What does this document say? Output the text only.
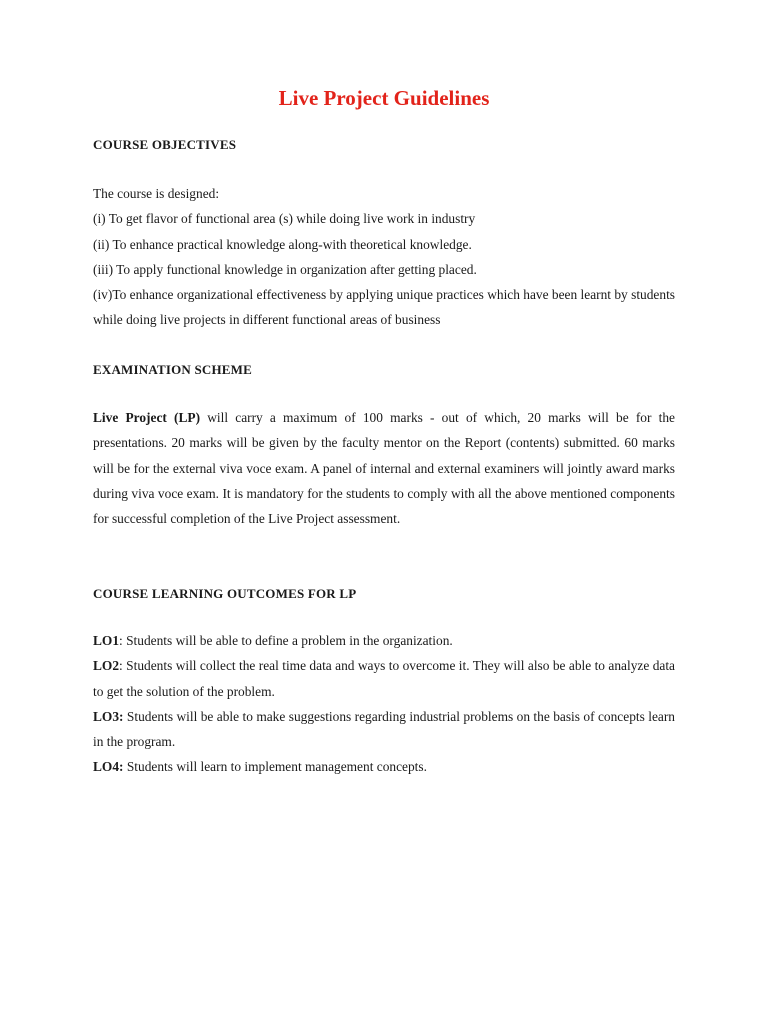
Live Project Guidelines
COURSE OBJECTIVES
The course is designed:
(i) To get flavor of functional area (s) while doing live work in industry
(ii) To enhance practical knowledge along-with theoretical knowledge.
(iii) To apply functional knowledge in organization after getting placed.
(iv)To enhance organizational effectiveness by applying unique practices which have been learnt by students while doing live projects in different functional areas of business
EXAMINATION SCHEME

Live Project (LP) will carry a maximum of 100 marks - out of which, 20 marks will be for the presentations. 20 marks will be given by the faculty mentor on the Report (contents) submitted. 60 marks will be for the external viva voce exam. A panel of internal and external examiners will jointly award marks during viva voce exam. It is mandatory for the students to comply with all the above mentioned components for successful completion of the Live Project assessment.

COURSE LEARNING OUTCOMES FOR LP
LO1: Students will be able to define a problem in the organization.
LO2: Students will collect the real time data and ways to overcome it. They will also be able to analyze data to get the solution of the problem.
LO3: Students will be able to make suggestions regarding industrial problems on the basis of concepts learn in the program.
LO4: Students will learn to implement management concepts.
